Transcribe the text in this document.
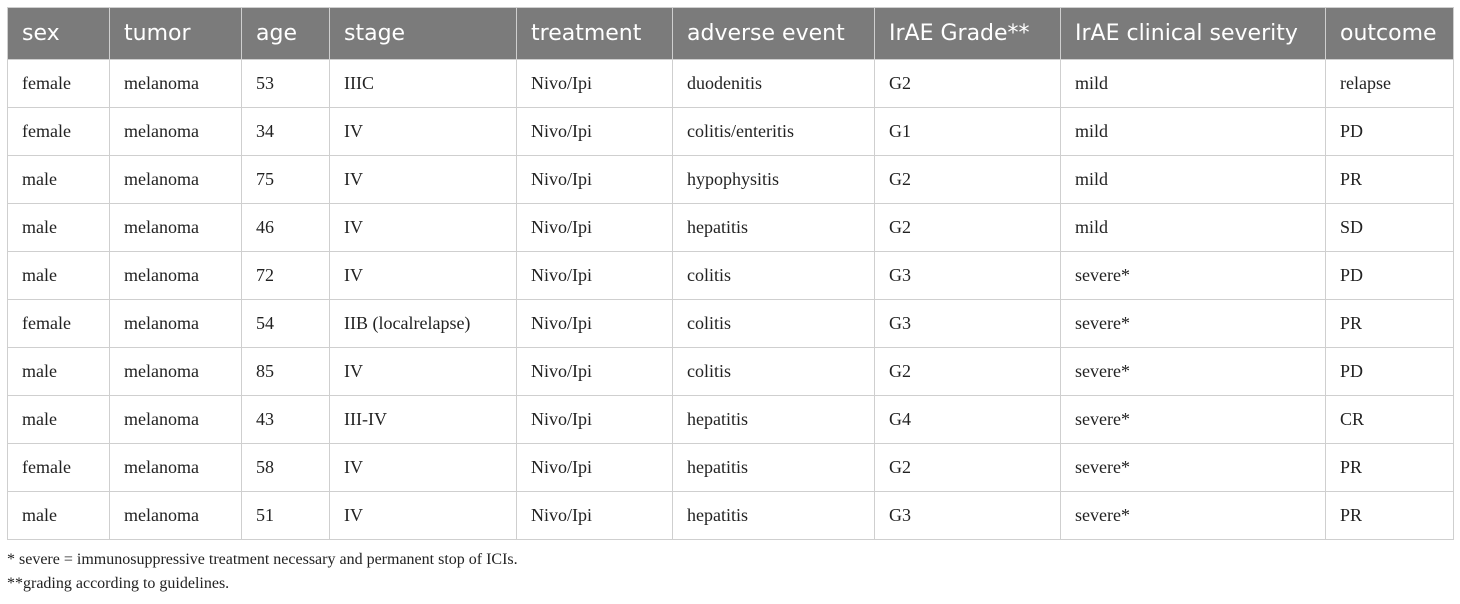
sex	tumor	age	stage	treatment	adverse event	IrAE Grade**	IrAE clinical severity	outcome
female	melanoma	53	IIIC	Nivo/Ipi	duodenitis	G2	mild	relapse
female	melanoma	34	IV	Nivo/Ipi	colitis/enteritis	G1	mild	PD
male	melanoma	75	IV	Nivo/Ipi	hypophysitis	G2	mild	PR
male	melanoma	46	IV	Nivo/Ipi	hepatitis	G2	mild	SD
male	melanoma	72	IV	Nivo/Ipi	colitis	G3	severe*	PD
female	melanoma	54	IIB (localrelapse)	Nivo/Ipi	colitis	G3	severe*	PR
male	melanoma	85	IV	Nivo/Ipi	colitis	G2	severe*	PD
male	melanoma	43	III-IV	Nivo/Ipi	hepatitis	G4	severe*	CR
female	melanoma	58	IV	Nivo/Ipi	hepatitis	G2	severe*	PR
male	melanoma	51	IV	Nivo/Ipi	hepatitis	G3	severe*	PR
* severe = immunosuppressive treatment necessary and permanent stop of ICIs.
**grading according to guidelines.
